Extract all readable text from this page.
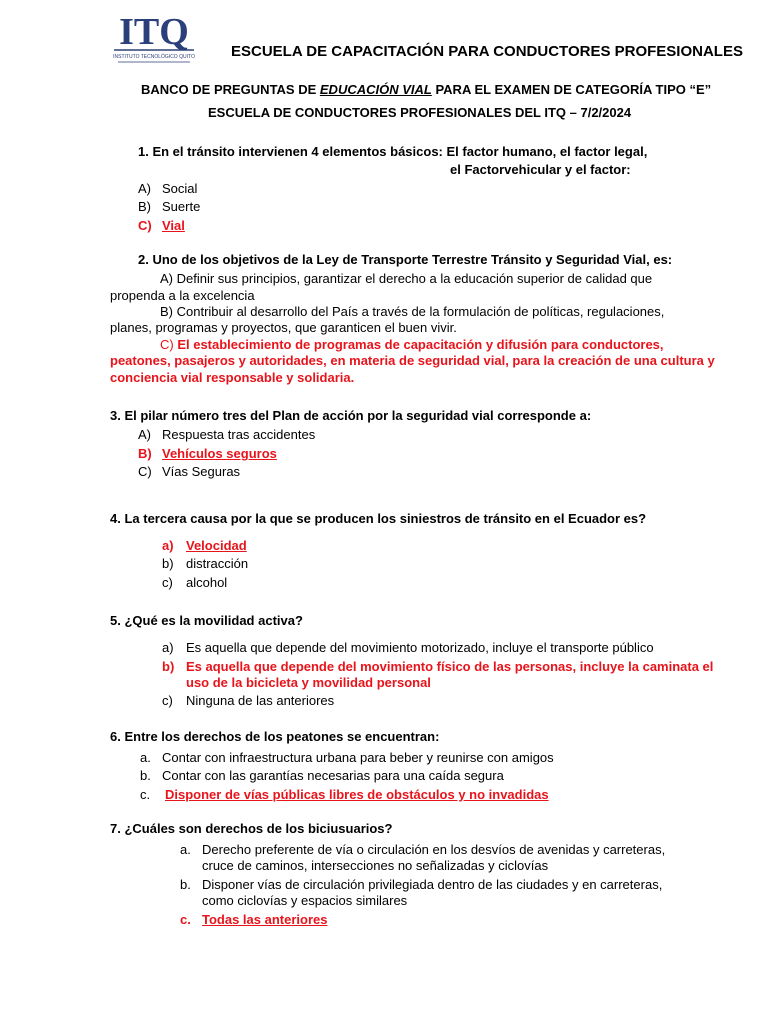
ITQ
INSTITUTO TECNOLÓGICO QUITO ESCUELA DE CAPACITACIÓN PARA CONDUCTORES PROFESIONALES
BANCO DE PREGUNTAS DE EDUCACIÓN VIAL PARA EL EXAMEN DE CATEGORÍA TIPO “E”
ESCUELA DE CONDUCTORES PROFESIONALES DEL ITQ – 7/2/2024
1. En el tránsito intervienen 4 elementos básicos: El factor humano, el factor legal,
el Factorvehicular y el factor:
A) Social
B) Suerte
C) Vial
2. Uno de los objetivos de la Ley de Transporte Terrestre Tránsito y Seguridad Vial, es:
A) Definir sus principios, garantizar el derecho a la educación superior de calidad que
propenda a la excelencia
B) Contribuir al desarrollo del País a través de la formulación de políticas, regulaciones,
planes, programas y proyectos, que garanticen el buen vivir.
C) El establecimiento de programas de capacitación y difusión para conductores,
peatones, pasajeros y autoridades, en materia de seguridad vial, para la creación de una cultura y
conciencia vial responsable y solidaria.
3. El pilar número tres del Plan de acción por la seguridad vial corresponde a:
A) Respuesta tras accidentes
B) Vehículos seguros
C) Vías Seguras
4. La tercera causa por la que se producen los siniestros de tránsito en el Ecuador es?
a) Velocidad
b) distracción
c) alcohol
5. ¿Qué es la movilidad activa?
a) Es aquella que depende del movimiento motorizado, incluye el transporte público
b) Es aquella que depende del movimiento físico de las personas, incluye la caminata el
uso de la bicicleta y movilidad personal
c) Ninguna de las anteriores
6. Entre los derechos de los peatones se encuentran:
a. Contar con infraestructura urbana para beber y reunirse con amigos
b. Contar con las garantías necesarias para una caída segura
c. Disponer de vías públicas libres de obstáculos y no invadidas
7. ¿Cuáles son derechos de los biciusuarios?
a. Derecho preferente de vía o circulación en los desvíos de avenidas y carreteras,
cruce de caminos, intersecciones no señalizadas y ciclovías
b. Disponer vías de circulación privilegiada dentro de las ciudades y en carreteras,
como ciclovías y espacios similares
c. Todas las anteriores
